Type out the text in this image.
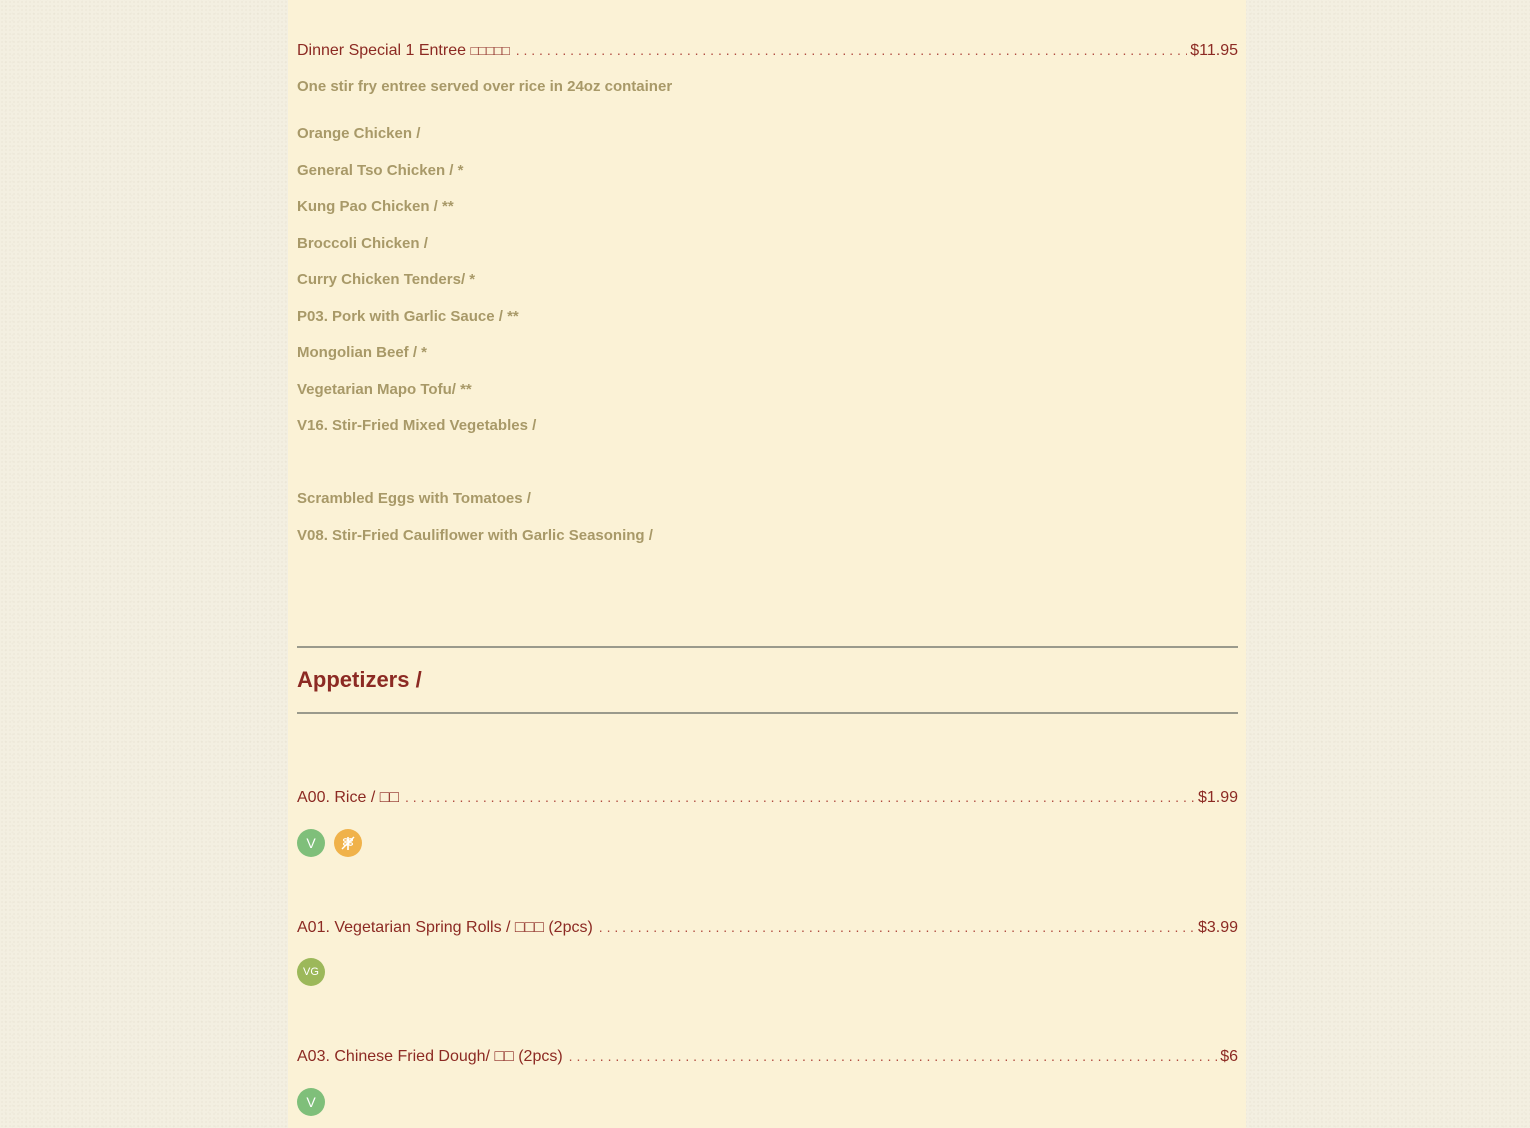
Dinner Special 1 Entree □□□□□ . . .	$11.95
One stir fry entree served over rice in 24oz container
Orange Chicken /
General Tso Chicken / *
Kung Pao Chicken / **
Broccoli Chicken /
Curry Chicken Tenders/ *
P03. Pork with Garlic Sauce / **
Mongolian Beef / *
Vegetarian Mapo Tofu/ **
V16. Stir-Fried Mixed Vegetables /
Scrambled Eggs with Tomatoes /
V08. Stir-Fried Cauliflower with Garlic Seasoning /
Appetizers /
A00. Rice / □□ . . .	$1.99
V
A01. Vegetarian Spring Rolls / □□□ (2pcs) . . .	$3.99
VG
A03. Chinese Fried Dough/ □□ (2pcs) . . .	$6
V
